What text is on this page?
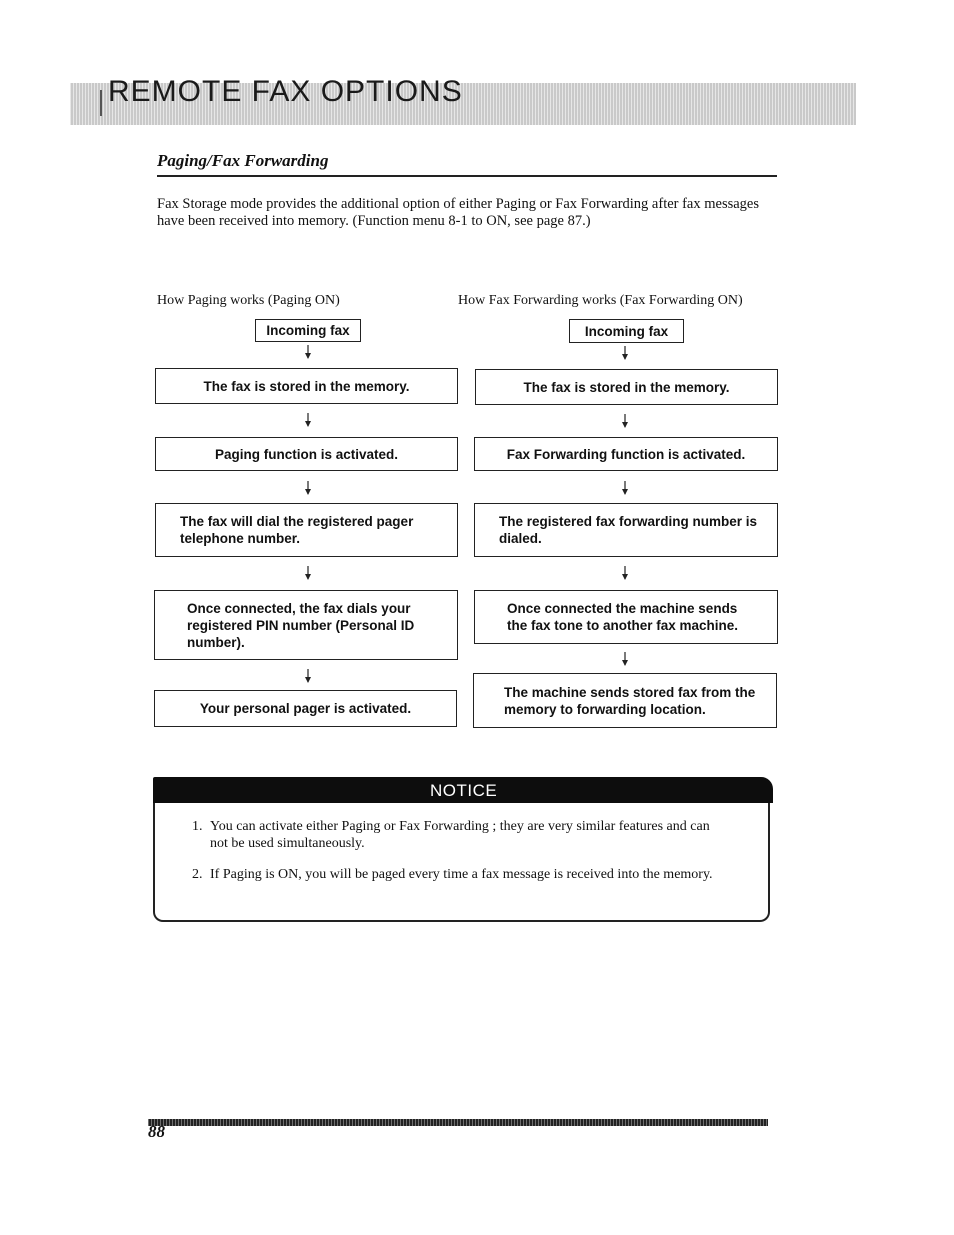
REMOTE FAX OPTIONS
Paging/Fax Forwarding
Fax Storage mode provides the additional option of either Paging or Fax Forwarding after fax messages have been received into memory. (Function menu 8-1 to ON, see page 87.)
How Paging works (Paging ON)
Incoming fax
The fax is stored in the memory.
Paging function is activated.
The fax will dial the registered pager telephone number.
Once connected, the fax dials your registered PIN number (Personal ID number).
Your personal pager is activated.
How Fax Forwarding works (Fax Forwarding ON)
Incoming fax
The fax is stored in the memory.
Fax Forwarding function is activated.
The registered fax forwarding number is dialed.
Once connected the machine sends the fax tone to another fax machine.
The machine sends stored fax from the memory to forwarding location.
NOTICE
1. You can activate either Paging or Fax Forwarding ; they are very similar features and can not be used simultaneously.
2. If Paging is ON, you will be paged every time a fax message is received into the memory.
88
